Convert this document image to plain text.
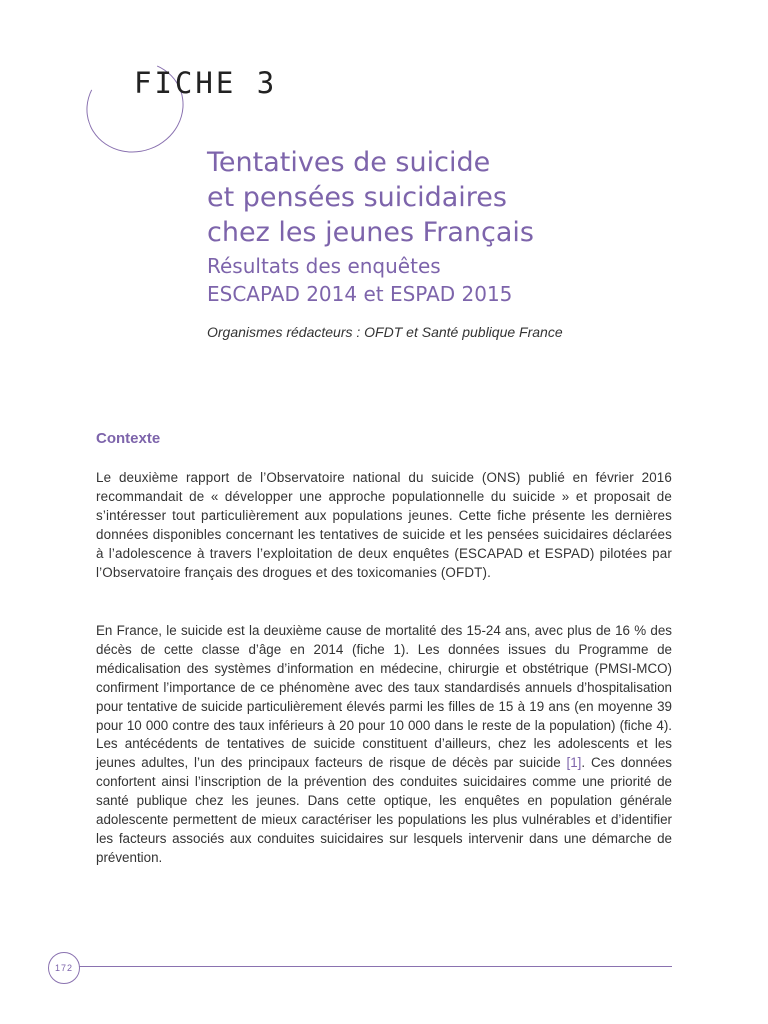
FICHE 3
Tentatives de suicide
et pensées suicidaires
chez les jeunes Français
Résultats des enquêtes
ESCAPAD 2014 et ESPAD 2015
Organismes rédacteurs : OFDT et Santé publique France
Contexte

Le deuxième rapport de l’Observatoire national du suicide (ONS) publié en février 2016 recommandait de « développer une approche populationnelle du suicide » et proposait de s’intéresser tout particulièrement aux populations jeunes. Cette fiche présente les dernières données disponibles concernant les tentatives de suicide et les pensées suicidaires déclarées à l’adolescence à travers l’exploitation de deux enquêtes (ESCAPAD et ESPAD) pilotées par l’Observatoire français des drogues et des toxicomanies (OFDT).

En France, le suicide est la deuxième cause de mortalité des 15-24 ans, avec plus de 16 % des décès de cette classe d’âge en 2014 (fiche 1). Les données issues du Programme de médicalisation des systèmes d’information en médecine, chirurgie et obstétrique (PMSI-MCO) confirment l’importance de ce phénomène avec des taux standardisés annuels d’hospitalisation pour tentative de suicide particulièrement élevés parmi les filles de 15 à 19 ans (en moyenne 39 pour 10 000 contre des taux inférieurs à 20 pour 10 000 dans le reste de la population) (fiche 4). Les antécédents de tentatives de suicide constituent d’ailleurs, chez les adolescents et les jeunes adultes, l’un des principaux facteurs de risque de décès par suicide [1]. Ces données confortent ainsi l’inscription de la prévention des conduites suicidaires comme une priorité de santé publique chez les jeunes. Dans cette optique, les enquêtes en population générale adolescente permettent de mieux caractériser les populations les plus vulnérables et d’identifier les facteurs associés aux conduites suicidaires sur lesquels intervenir dans une démarche de prévention.

172
